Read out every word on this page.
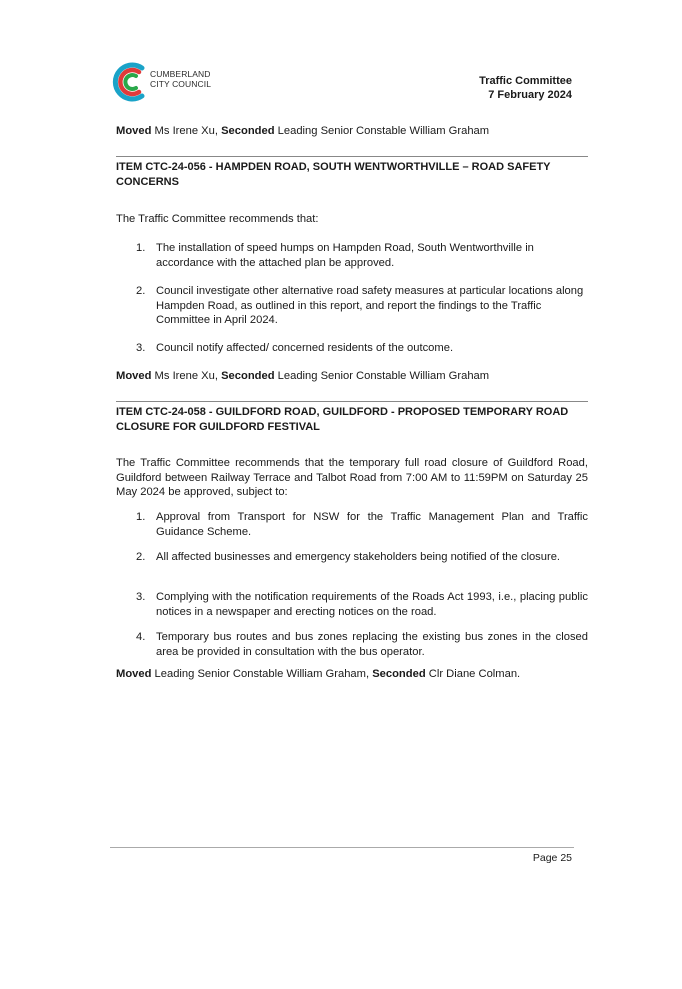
CUMBERLAND
CITY COUNCIL	Traffic Committee
7 February 2024
Moved Ms Irene Xu, Seconded Leading Senior Constable William Graham
ITEM CTC-24-056 - HAMPDEN ROAD, SOUTH WENTWORTHVILLE – ROAD SAFETY CONCERNS
The Traffic Committee recommends that:
1. The installation of speed humps on Hampden Road, South Wentworthville in accordance with the attached plan be approved.
2. Council investigate other alternative road safety measures at particular locations along Hampden Road, as outlined in this report, and report the findings to the Traffic Committee in April 2024.
3. Council notify affected/ concerned residents of the outcome.
Moved Ms Irene Xu, Seconded Leading Senior Constable William Graham
ITEM CTC-24-058 - GUILDFORD ROAD, GUILDFORD - PROPOSED TEMPORARY ROAD CLOSURE FOR GUILDFORD FESTIVAL
The Traffic Committee recommends that the temporary full road closure of Guildford Road, Guildford between Railway Terrace and Talbot Road from 7:00 AM to 11:59PM on Saturday 25 May 2024 be approved, subject to:
1. Approval from Transport for NSW for the Traffic Management Plan and Traffic Guidance Scheme.
2. All affected businesses and emergency stakeholders being notified of the closure.
3. Complying with the notification requirements of the Roads Act 1993, i.e., placing public notices in a newspaper and erecting notices on the road.
4. Temporary bus routes and bus zones replacing the existing bus zones in the closed area be provided in consultation with the bus operator.
Moved Leading Senior Constable William Graham, Seconded Clr Diane Colman.
Page 25
